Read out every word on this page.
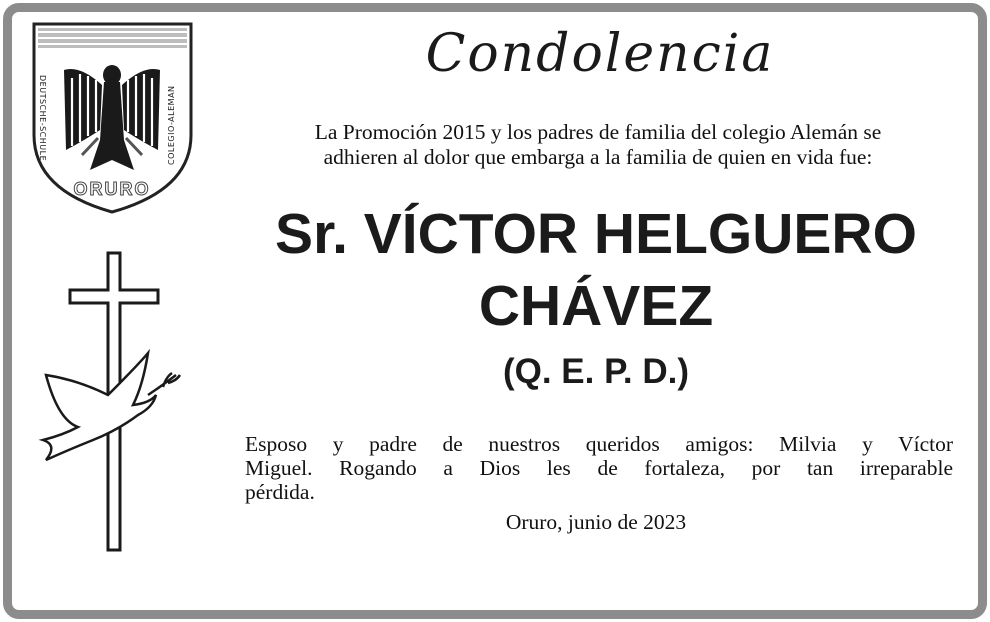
DEUTSCHE-SCHULE	COLEGIO-ALEMAN
ORURO
Condolencia
La Promoción 2015 y los padres de familia del colegio Alemán se
adhieren al dolor que embarga a la familia de quien en vida fue:
Sr. VÍCTOR HELGUERO
CHÁVEZ
(Q. E. P. D.)
Esposo y padre de nuestros queridos amigos: Milvia y Víctor
Miguel. Rogando a Dios les de fortaleza, por tan irreparable
pérdida.
Oruro, junio de 2023
